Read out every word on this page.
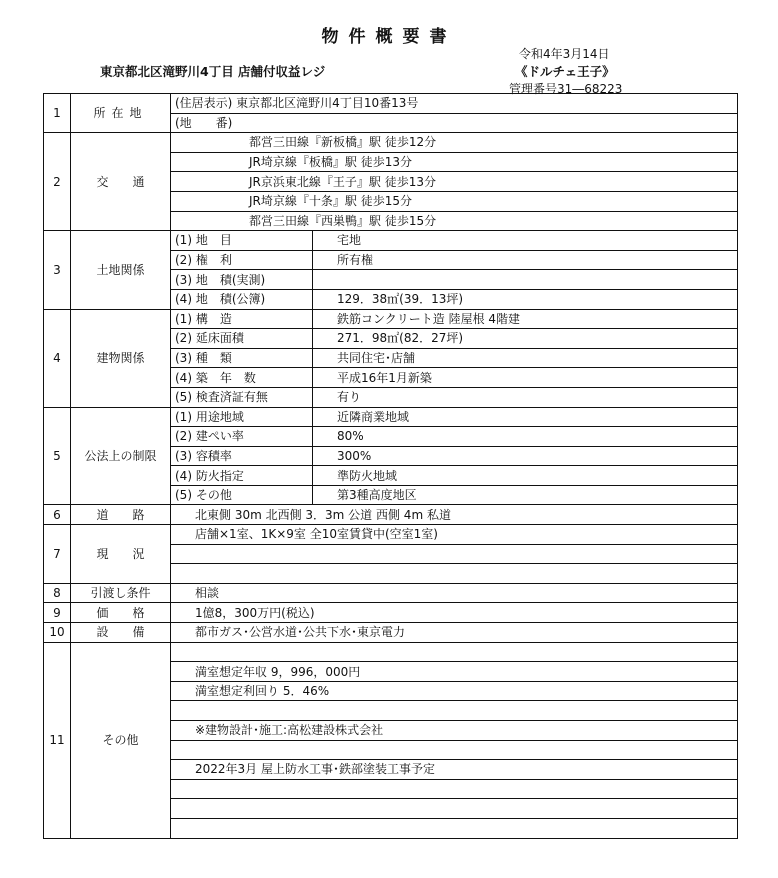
物件概要書
東京都北区滝野川4丁目 店舗付収益レジ
令和4年3月14日
《ドルチェ王子》
管理番号31―68223
1	所在地	(住居表示) 東京都北区滝野川4丁目10番13号	
		(地　　番)	
2	交　　通	都営三田線『新板橋』駅 徒歩12分	
		JR埼京線『板橋』駅 徒歩13分	
		JR京浜東北線『王子』駅 徒歩13分	
		JR埼京線『十条』駅 徒歩15分	
		都営三田線『西巣鴨』駅 徒歩15分	
3	土地関係	(1) 地　目	宅地
		(2) 権　利	所有権
		(3) 地　積(実測)	
		(4) 地　積(公簿)	129．38㎡(39．13坪)
4	建物関係	(1) 構　造	鉄筋コンクリート造 陸屋根 4階建
		(2) 延床面積	271．98㎡(82．27坪)
		(3) 種　類	共同住宅･店舗
		(4) 築　年　数	平成16年1月新築
		(5) 検査済証有無	有り
5	公法上の制限	(1) 用途地域	近隣商業地域
		(2) 建ぺい率	80%
		(3) 容積率	300%
		(4) 防火指定	準防火地域
		(5) その他	第3種高度地区
6	道　　路	北東側 30m 北西側 3．3m 公道 西側 4m 私道	
7	現　　況	店舗×1室、1K×9室 全10室賃貸中(空室1室)	

8	引渡し条件	相談	
9	価　　格	1億8，300万円(税込)	
10	設　　備	都市ガス･公営水道･公共下水･東京電力	
11	その他		
		満室想定年収 9，996，000円	
		満室想定利回り 5．46%	

		※建物設計･施工:高松建設株式会社	

		2022年3月 屋上防水工事･鉄部塗装工事予定	
